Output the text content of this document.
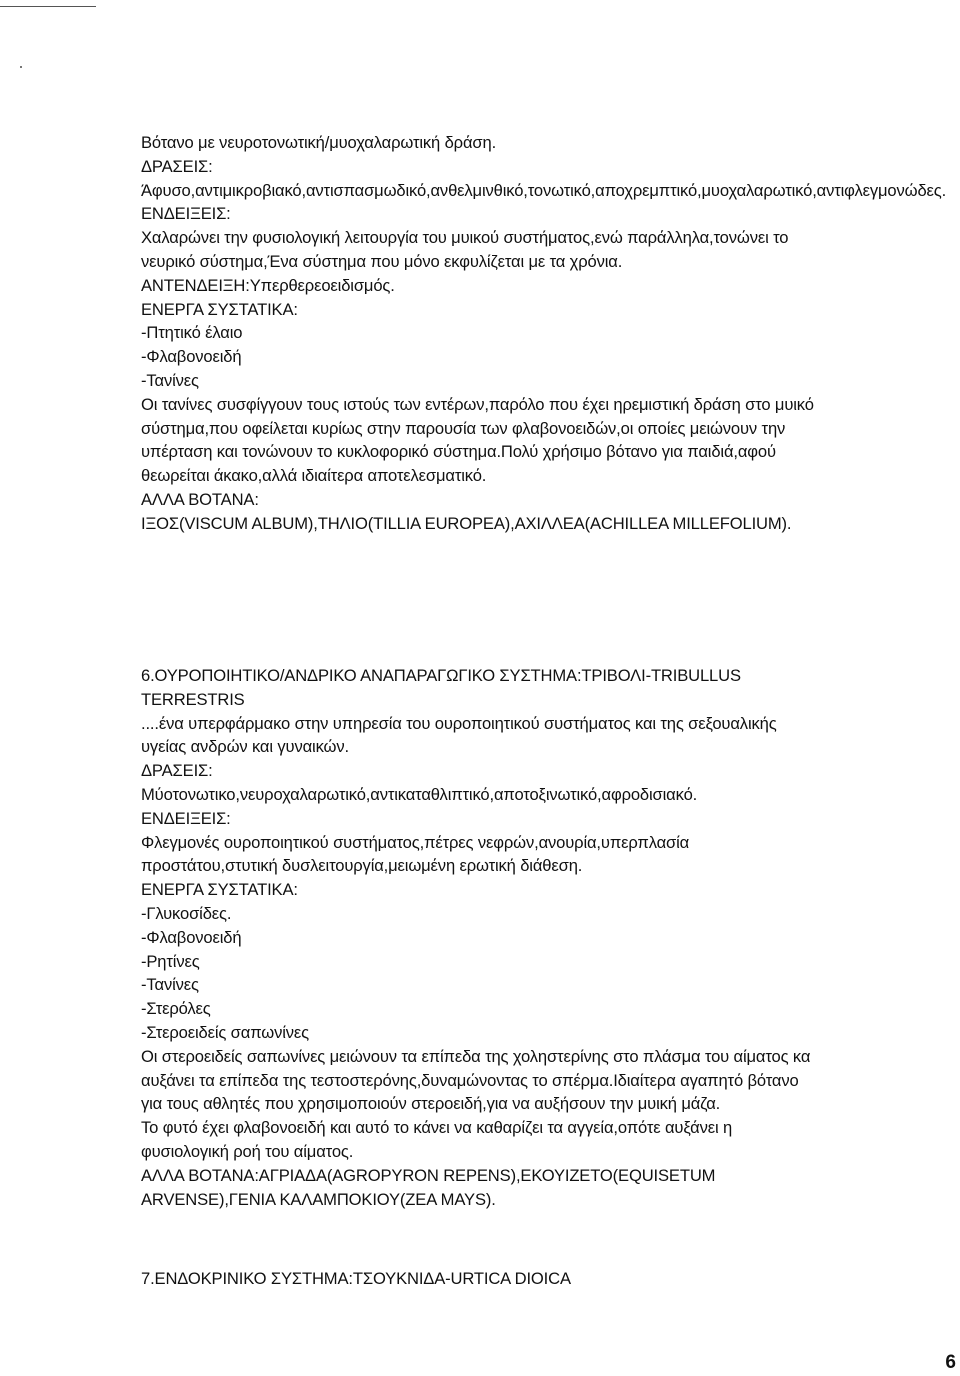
Βότανο με νευροτονωτική/μυοχαλαρωτική δράση.

ΔΡΑΣΕΙΣ:

Άφυσο,αντιμικροβιακό,αντισπασμωδικό,ανθελμινθικό,τονωτικό,αποχρεμπτικό,μυοχαλαρωτικό,αντιφλεγμονώδες.

ΕΝΔΕΙΞΕΙΣ:

Χαλαρώνει την φυσιολογική λειτουργία του μυικού συστήματος,ενώ παράλληλα,τονώνει το νευρικό σύστημα,Ένα σύστημα που μόνο εκφυλίζεται με τα χρόνια.

ΑΝΤΕΝΔΕΙΞΗ:Υπερθερεοειδισμός.

ΕΝΕΡΓΑ ΣΥΣΤΑΤΙΚΑ:

-Πτητικό έλαιο

-Φλαβονοειδή

-Τανίνες

Οι τανίνες συσφίγγουν τους ιστούς των εντέρων,παρόλο που έχει ηρεμιστική δράση στο μυικό σύστημα,που οφείλεται κυρίως στην παρουσία των φλαβονοειδών,οι οποίες μειώνουν την υπέρταση και τονώνουν το κυκλοφορικό σύστημα.Πολύ χρήσιμο βότανο για παιδιά,αφού θεωρείται άκακο,αλλά ιδιαίτερα αποτελεσματικό.

ΑΛΛΑ ΒΟΤΑΝΑ:

ΙΞΟΣ(VISCUM ALBUM),ΤΗΛΙΟ(TILLIA EUROPEA),ΑΧΙΛΛΕΑ(ACHILLEA MILLEFOLIUM).

6.ΟΥΡΟΠΟΙΗΤΙΚΟ/ΑΝΔΡΙΚΟ ΑΝΑΠΑΡΑΓΩΓΙΚΟ ΣΥΣΤΗΜΑ:ΤΡΙΒΟΛΙ-TRIBULLUS TERRESTRIS

....ένα υπερφάρμακο στην υπηρεσία του ουροποιητικού συστήματος και της σεξουαλικής υγείας ανδρών και γυναικών.

ΔΡΑΣΕΙΣ:

Μύοτονωτικο,νευροχαλαρωτικό,αντικαταθλιπτικό,αποτοξινωτικό,αφροδισιακό.

ΕΝΔΕΙΞΕΙΣ:

Φλεγμονές ουροποιητικού συστήματος,πέτρες νεφρών,ανουρία,υπερπλασία προστάτου,στυτική δυσλειτουργία,μειωμένη ερωτική διάθεση.

ΕΝΕΡΓΑ ΣΥΣΤΑΤΙΚΑ:

-Γλυκοσίδες.

-Φλαβονοειδή

-Ρητίνες

-Τανίνες

-Στερόλες

-Στεροειδείς σαπωνίνες

Οι στεροειδείς σαπωνίνες μειώνουν τα επίπεδα της χοληστερίνης στο πλάσμα του αίματος κα αυξάνει τα επίπεδα της τεστοστερόνης,δυναμώνοντας το σπέρμα.Ιδιαίτερα αγαπητό βότανο για τους αθλητές που χρησιμοποιούν στεροειδή,για να αυξήσουν την μυική μάζα.

Το φυτό έχει φλαβονοειδή και αυτό το κάνει να καθαρίζει τα αγγεία,οπότε αυξάνει η φυσιολογική ροή του αίματος.

ΑΛΛΑ ΒΟΤΑΝΑ:ΑΓΡΙΑΔΑ(AGROPYRON REPENS),ΕΚΟΥΙΖΕΤΟ(EQUISETUM ARVENSE),ΓΕΝΙΑ ΚΑΛΑΜΠΟΚΙΟΥ(ZEA MAYS).

7.ΕΝΔΟΚΡΙΝΙΚΟ ΣΥΣΤΗΜΑ:ΤΣΟΥΚΝΙΔΑ-URTICA DIOICA

6
